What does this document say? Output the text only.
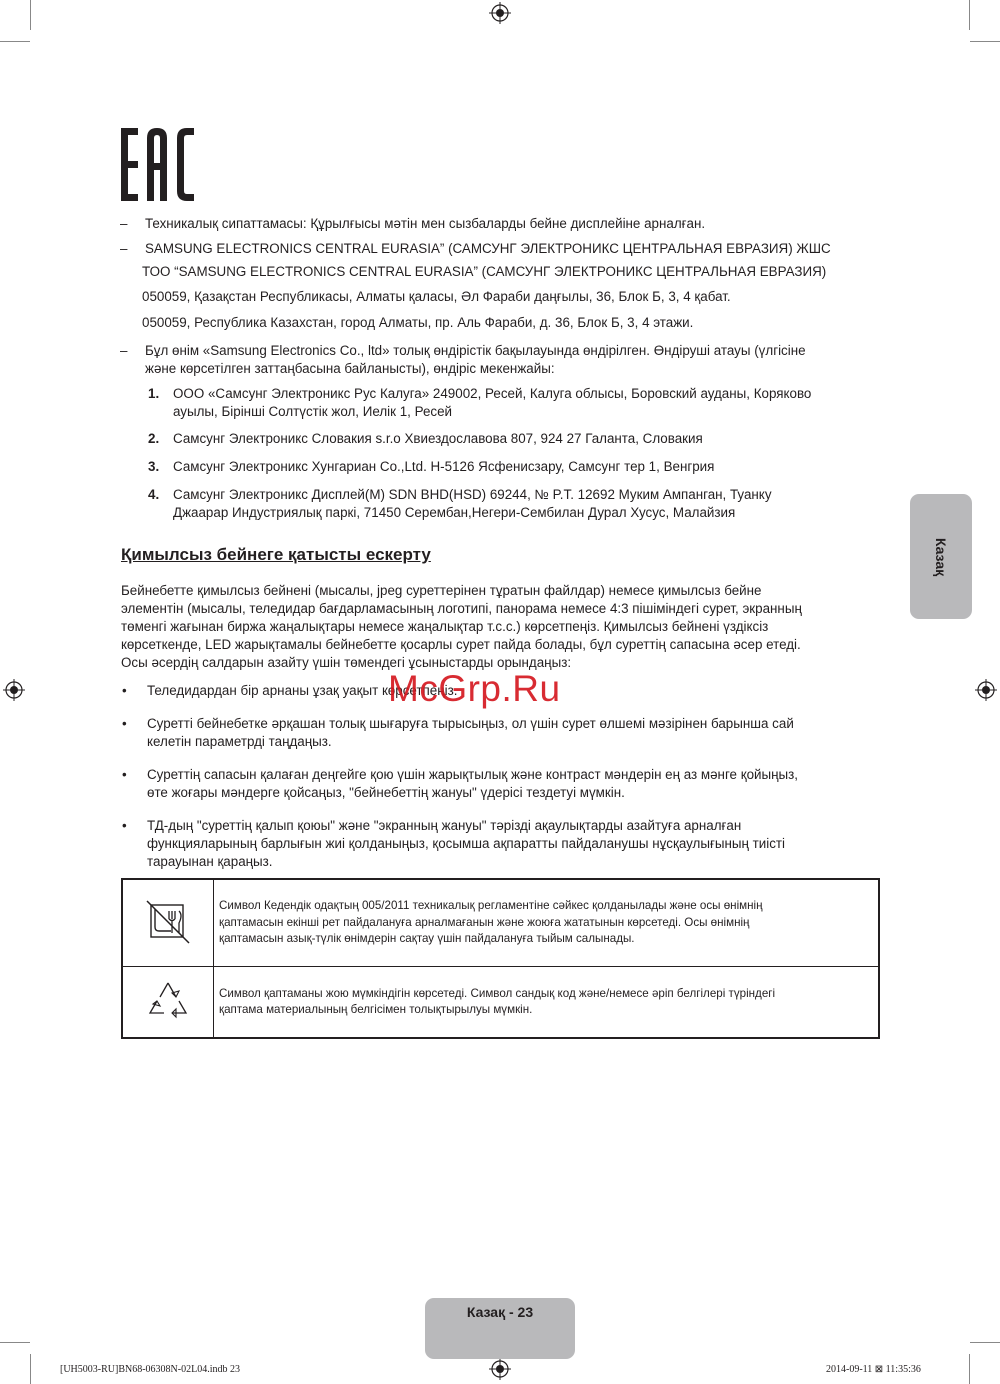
– Техникалық сипаттамасы: Құрылғысы мәтін мен сызбаларды бейне дисплейіне арналған.
– SAMSUNG ELECTRONICS CENTRAL EURASIA” (САМСУНГ ЭЛЕКТРОНИКС ЦЕНТРАЛЬНАЯ ЕВРАЗИЯ) ЖШС
ТОО “SAMSUNG ELECTRONICS CENTRAL EURASIA” (САМСУНГ ЭЛЕКТРОНИКС ЦЕНТРАЛЬНАЯ ЕВРАЗИЯ)
050059, Қазақстан Республикасы, Алматы қаласы, Әл Фараби даңғылы, 36, Блок Б, 3, 4 қабат.
050059, Республика Казахстан, город Алматы, пр. Аль Фараби, д. 36, Блок Б, 3, 4 этажи.
– Бұл өнім «Samsung Electronics Co., ltd» толық өндірістік бақылауында өндірілген. Өндіруші атауы (үлгісіне
және көрсетілген заттаңбасына байланысты), өндіріс мекенжайы:
1. ООО «Самсунг Электроникс Рус Калуга» 249002, Ресей, Калуга облысы, Боровский ауданы, Коряково
ауылы, Бірінші Солтүстік жол, Иелік 1, Ресей
2. Самсунг Электроникс Словакия s.r.o Хвиездославова 807, 924 27 Галанта, Словакия
3. Самсунг Электроникс Хунгариан Co.,Ltd. H-5126 Ясфенисзару, Самсунг тер 1, Венгрия
4. Самсунг Электроникс Дисплей(М) SDN BHD(HSD) 69244, № P.T. 12692 Муким Ампанган, Туанку
Джаарар Индустриялық паркі, 71450 Серембан,Негери-Сембилан Дурал Хусус, Малайзия
Қимылсыз бейнеге қатысты ескерту
Бейнебетте қимылсыз бейнені (мысалы, jpeg суреттерінен тұратын файлдар) немесе қимылсыз бейне
элементін (мысалы, теледидар бағдарламасының логотипі, панорама немесе 4:3 пішіміндегі сурет, экранның
төменгі жағынан биржа жаңалықтары немесе жаңалықтар т.с.с.) көрсетпеңіз. Қимылсыз бейнені үздіксіз
көрсеткенде, LED жарықтамалы бейнебетте қосарлы сурет пайда болады, бұл суреттің сапасына әсер етеді.
Осы әсердің салдарын азайту үшін төмендегі ұсыныстарды орындаңыз:
• Теледидардан бір арнаны ұзақ уақыт көрсетпеңіз.
• Суретті бейнебетке әрқашан толық шығаруға тырысыңыз, ол үшін сурет өлшемі мәзірінен барынша сай
келетін параметрді таңдаңыз.
• Суреттің сапасын қалаған деңгейге қою үшін жарықтылық және контраст мәндерін ең аз мәнге қойыңыз,
өте жоғары мәндерге қойсаңыз, "бейнебеттің жануы" үдерісі тездетуі мүмкін.
• ТД-дың "суреттің қалып қоюы" және "экранның жануы" тәрізді ақаулықтарды азайтуға арналған
функцияларының барлығын жиі қолданыңыз, қосымша ақпаратты пайдаланушы нұсқаулығының тиісті
тарауынан қараңыз.

Символ Кедендік одақтың 005/2011 техникалық регламентіне сәйкес қолданылады және осы өнімнің
қаптамасын екінші рет пайдалануға арналмағанын және жоюға жататынын көрсетеді. Осы өнімнің
қаптамасын азық-түлік өнімдерін сақтау үшін пайдалануға тыйым салынады.

Символ қаптаманы жою мүмкіндігін көрсетеді. Символ сандық код және/немесе әріп белгілері түріндегі
қаптама материалының белгісімен толықтырылуы мүмкін.
McGrp.Ru
Казақ
Казақ - 23
[UH5003-RU]BN68-06308N-02L04.indb 23	2014-09-11 ⊠ 11:35:36
